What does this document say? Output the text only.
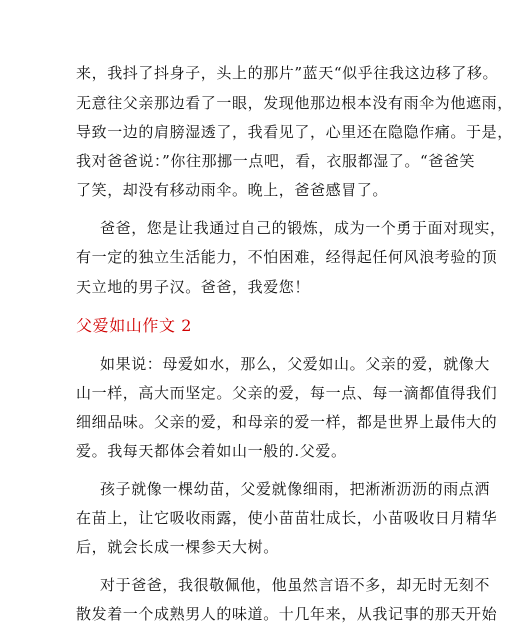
来，我抖了抖身子，头上的那片”蓝天“似乎往我这边移了移。

无意往父亲那边看了一眼，发现他那边根本没有雨伞为他遮雨，

导致一边的肩膀湿透了，我看见了，心里还在隐隐作痛。于是，

我对爸爸说：”你往那挪一点吧，看，衣服都湿了。“爸爸笑

了笑，却没有移动雨伞。晚上，爸爸感冒了。

爸爸，您是让我通过自己的锻炼，成为一个勇于面对现实，

有一定的独立生活能力，不怕困难，经得起任何风浪考验的顶

天立地的男子汉。爸爸，我爱您！

父爱如山作文 2

如果说：母爱如水，那么，父爱如山。父亲的爱，就像大

山一样，高大而坚定。父亲的爱，每一点、每一滴都值得我们

细细品味。父亲的爱，和母亲的爱一样，都是世界上最伟大的

爱。我每天都体会着如山一般的.父爱。

孩子就像一棵幼苗，父爱就像细雨，把淅淅沥沥的雨点洒

在苗上，让它吸收雨露，使小苗苗壮成长，小苗吸收日月精华

后，就会长成一棵参天大树。

对于爸爸，我很敬佩他，他虽然言语不多，却无时无刻不

散发着一个成熟男人的味道。十几年来，从我记事的那天开始
